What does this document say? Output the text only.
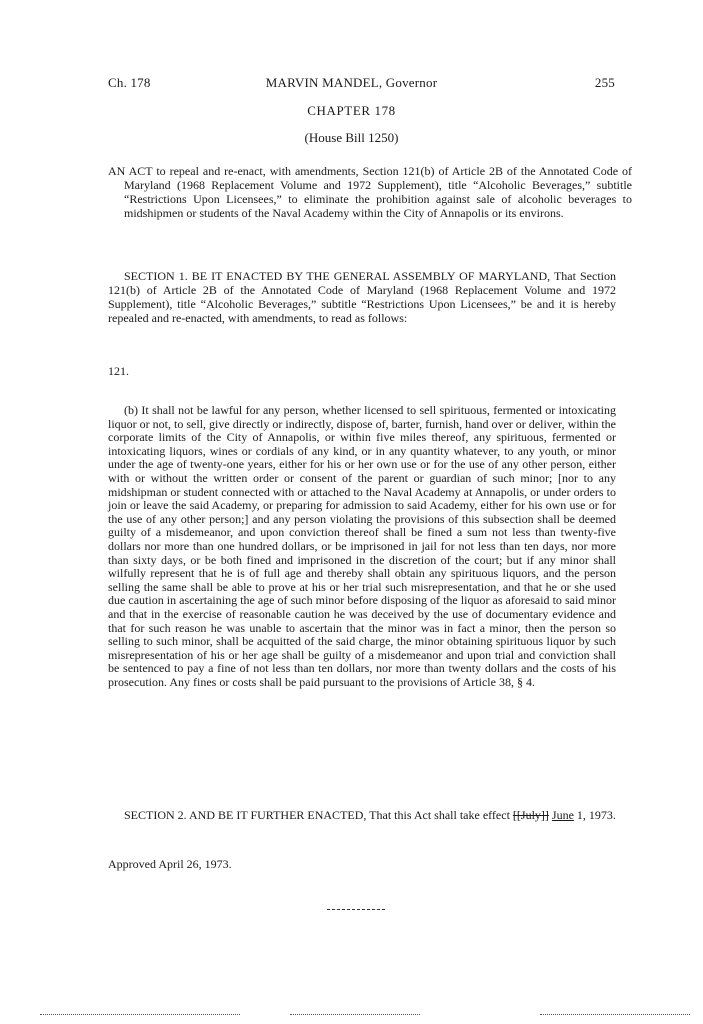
Ch. 178	MARVIN MANDEL, Governor	255
CHAPTER 178
(House Bill 1250)
AN ACT to repeal and re-enact, with amendments, Section 121(b) of Article 2B of the Annotated Code of Maryland (1968 Replacement Volume and 1972 Supplement), title “Alcoholic Beverages,” subtitle “Restrictions Upon Licensees,” to eliminate the prohibition against sale of alcoholic beverages to midshipmen or students of the Naval Academy within the City of Annapolis or its environs.
SECTION 1. BE IT ENACTED BY THE GENERAL ASSEMBLY OF MARYLAND, That Section 121(b) of Article 2B of the Annotated Code of Maryland (1968 Replacement Volume and 1972 Supplement), title “Alcoholic Beverages,” subtitle “Restrictions Upon Licensees,” be and it is hereby repealed and re-enacted, with amendments, to read as follows:
121.
(b) It shall not be lawful for any person, whether licensed to sell spirituous, fermented or intoxicating liquor or not, to sell, give directly or indirectly, dispose of, barter, furnish, hand over or deliver, within the corporate limits of the City of Annapolis, or within five miles thereof, any spirituous, fermented or intoxicating liquors, wines or cordials of any kind, or in any quantity whatever, to any youth, or minor under the age of twenty-one years, either for his or her own use or for the use of any other person, either with or without the written order or consent of the parent or guardian of such minor; [nor to any midshipman or student connected with or attached to the Naval Academy at Annapolis, or under orders to join or leave the said Academy, or preparing for admission to said Academy, either for his own use or for the use of any other person;] and any person violating the provisions of this subsection shall be deemed guilty of a misdemeanor, and upon conviction thereof shall be fined a sum not less than twenty-five dollars nor more than one hundred dollars, or be imprisoned in jail for not less than ten days, nor more than sixty days, or be both fined and imprisoned in the discretion of the court; but if any minor shall wilfully represent that he is of full age and thereby shall obtain any spirituous liquors, and the person selling the same shall be able to prove at his or her trial such misrepresentation, and that he or she used due caution in ascertaining the age of such minor before disposing of the liquor as aforesaid to said minor and that in the exercise of reasonable caution he was deceived by the use of documentary evidence and that for such reason he was unable to ascertain that the minor was in fact a minor, then the person so selling to such minor, shall be acquitted of the said charge, the minor obtaining spirituous liquor by such misrepresentation of his or her age shall be guilty of a misdemeanor and upon trial and conviction shall be sentenced to pay a fine of not less than ten dollars, nor more than twenty dollars and the costs of his prosecution. Any fines or costs shall be paid pursuant to the provisions of Article 38, § 4.
SECTION 2. AND BE IT FURTHER ENACTED, That this Act shall take effect [[July]] June 1, 1973.
Approved April 26, 1973.
